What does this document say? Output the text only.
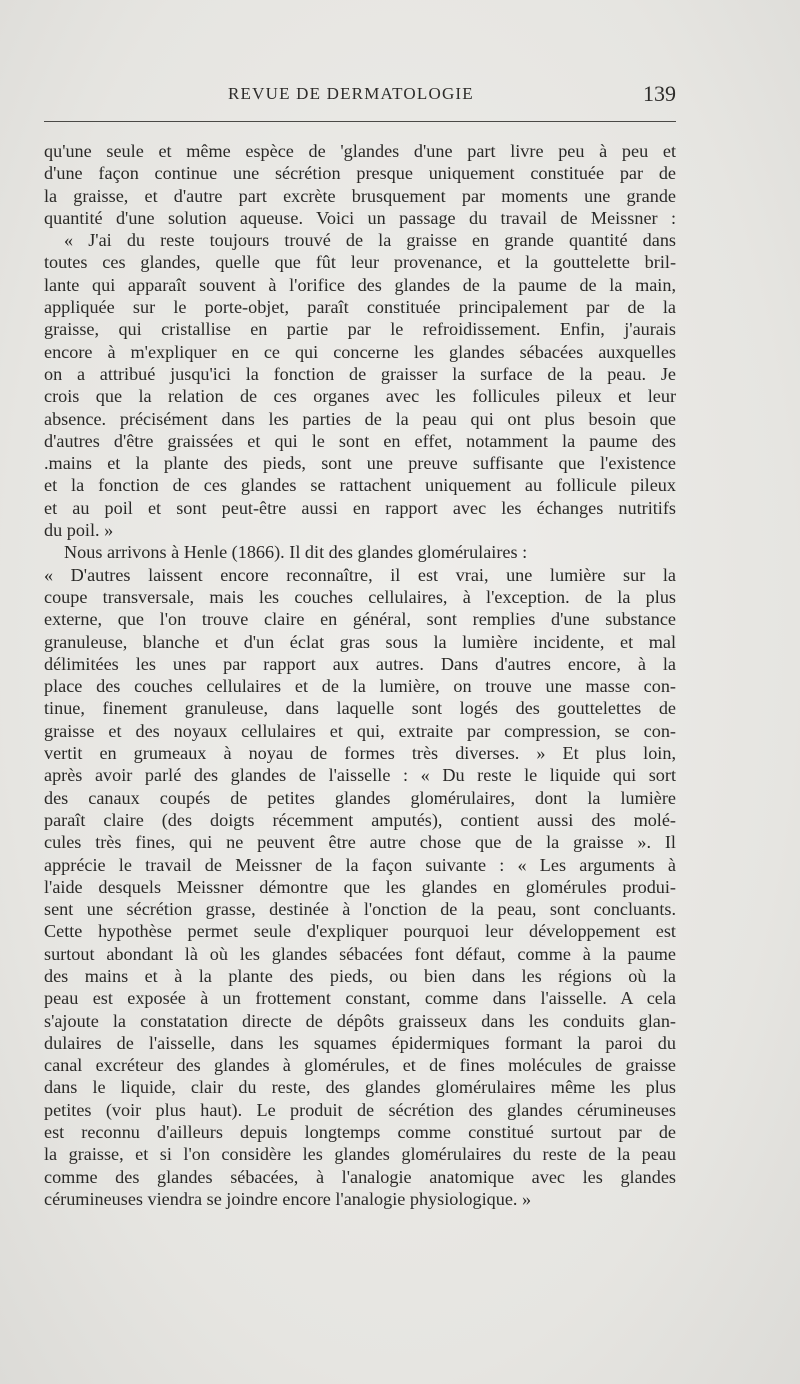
REVUE DE DERMATOLOGIE	139
qu'une seule et même espèce de 'glandes d'une part livre peu à peu et
d'une façon continue une sécrétion presque uniquement constituée par de
la graisse, et d'autre part excrète brusquement par moments une grande
quantité d'une solution aqueuse. Voici un passage du travail de Meissner :
« J'ai du reste toujours trouvé de la graisse en grande quantité dans
toutes ces glandes, quelle que fût leur provenance, et la gouttelette bril-
lante qui apparaît souvent à l'orifice des glandes de la paume de la main,
appliquée sur le porte-objet, paraît constituée principalement par de la
graisse, qui cristallise en partie par le refroidissement. Enfin, j'aurais
encore à m'expliquer en ce qui concerne les glandes sébacées auxquelles
on a attribué jusqu'ici la fonction de graisser la surface de la peau. Je
crois que la relation de ces organes avec les follicules pileux et leur
absence. précisément dans les parties de la peau qui ont plus besoin que
d'autres d'être graissées et qui le sont en effet, notamment la paume des
.mains et la plante des pieds, sont une preuve suffisante que l'existence
et la fonction de ces glandes se rattachent uniquement au follicule pileux
et au poil et sont peut-être aussi en rapport avec les échanges nutritifs
du poil. »
Nous arrivons à Henle (1866). Il dit des glandes glomérulaires :
« D'autres laissent encore reconnaître, il est vrai, une lumière sur la
coupe transversale, mais les couches cellulaires, à l'exception. de la plus
externe, que l'on trouve claire en général, sont remplies d'une substance
granuleuse, blanche et d'un éclat gras sous la lumière incidente, et mal
délimitées les unes par rapport aux autres. Dans d'autres encore, à la
place des couches cellulaires et de la lumière, on trouve une masse con-
tinue, finement granuleuse, dans laquelle sont logés des gouttelettes de
graisse et des noyaux cellulaires et qui, extraite par compression, se con-
vertit en grumeaux à noyau de formes très diverses. » Et plus loin,
après avoir parlé des glandes de l'aisselle : « Du reste le liquide qui sort
des canaux coupés de petites glandes glomérulaires, dont la lumière
paraît claire (des doigts récemment amputés), contient aussi des molé-
cules très fines, qui ne peuvent être autre chose que de la graisse ». Il
apprécie le travail de Meissner de la façon suivante : « Les arguments à
l'aide desquels Meissner démontre que les glandes en glomérules produi-
sent une sécrétion grasse, destinée à l'onction de la peau, sont concluants.
Cette hypothèse permet seule d'expliquer pourquoi leur développement est
surtout abondant là où les glandes sébacées font défaut, comme à la paume
des mains et à la plante des pieds, ou bien dans les régions où la
peau est exposée à un frottement constant, comme dans l'aisselle. A cela
s'ajoute la constatation directe de dépôts graisseux dans les conduits glan-
dulaires de l'aisselle, dans les squames épidermiques formant la paroi du
canal excréteur des glandes à glomérules, et de fines molécules de graisse
dans le liquide, clair du reste, des glandes glomérulaires même les plus
petites (voir plus haut). Le produit de sécrétion des glandes cérumineuses
est reconnu d'ailleurs depuis longtemps comme constitué surtout par de
la graisse, et si l'on considère les glandes glomérulaires du reste de la peau
comme des glandes sébacées, à l'analogie anatomique avec les glandes
cérumineuses viendra se joindre encore l'analogie physiologique. »
